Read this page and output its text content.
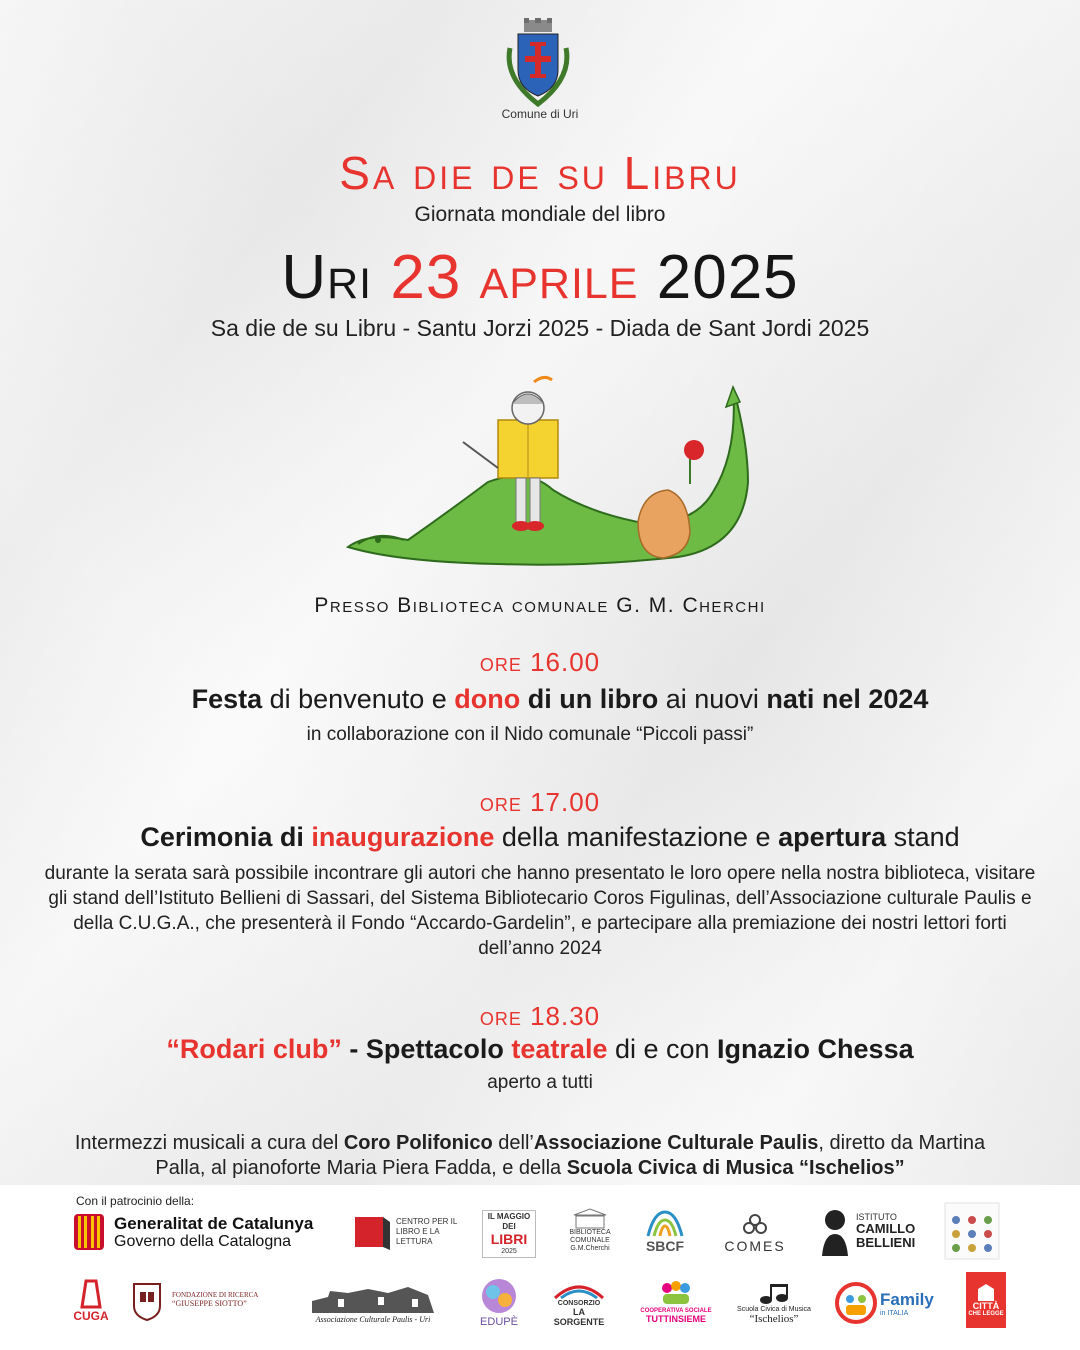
Comune di Uri
Sa die de su Libru
Giornata mondiale del libro
Uri 23 aprile 2025
Sa die de su Libru - Santu Jorzi 2025 - Diada de Sant Jordi 2025
Presso Biblioteca comunale G. M. Cherchi
ore 16.00
Festa di benvenuto e dono di un libro ai nuovi nati nel 2024
in collaborazione con il Nido comunale “Piccoli passi”
ore 17.00
Cerimonia di inaugurazione della manifestazione e apertura stand
durante la serata sarà possibile incontrare gli autori che hanno presentato le loro opere nella nostra biblioteca, visitare gli stand dell’Istituto Bellieni di Sassari, del Sistema Bibliotecario Coros Figulinas, dell’Associazione culturale Paulis e della C.U.G.A., che presenterà il Fondo “Accardo-Gardelin”, e partecipare alla premiazione dei nostri lettori forti dell’anno 2024
ore 18.30
“Rodari club” - Spettacolo teatrale di e con Ignazio Chessa
aperto a tutti
Intermezzi musicali a cura del Coro Polifonico dell’Associazione Culturale Paulis, diretto da Martina Palla, al pianoforte Maria Piera Fadda, e della Scuola Civica di Musica “Ischelios”
Con il patrocinio della:
Generalitat de Catalunya
Governo della Catalogna
CENTRO PER IL LIBRO E LA LETTURA
IL MAGGIO DEI
LIBRI
2025
BIBLIOTECA COMUNALE G.M.Cherchi	SBCF	COMES
ISTITUTO
CAMILLO
BELLIENI
CUGA
FONDAZIONE DI RICERCA
“GIUSEPPE SIOTTO”
Associazione Culturale Paulis - Uri	EDUPÈ
CONSORZIO
LA SORGENTE
COOPERATIVA SOCIALE
TUTTINSIEME
Scuola Civica di Musica
“Ischelios”
Family
in ITALIA
CITTÀ
CHE LEGGE
